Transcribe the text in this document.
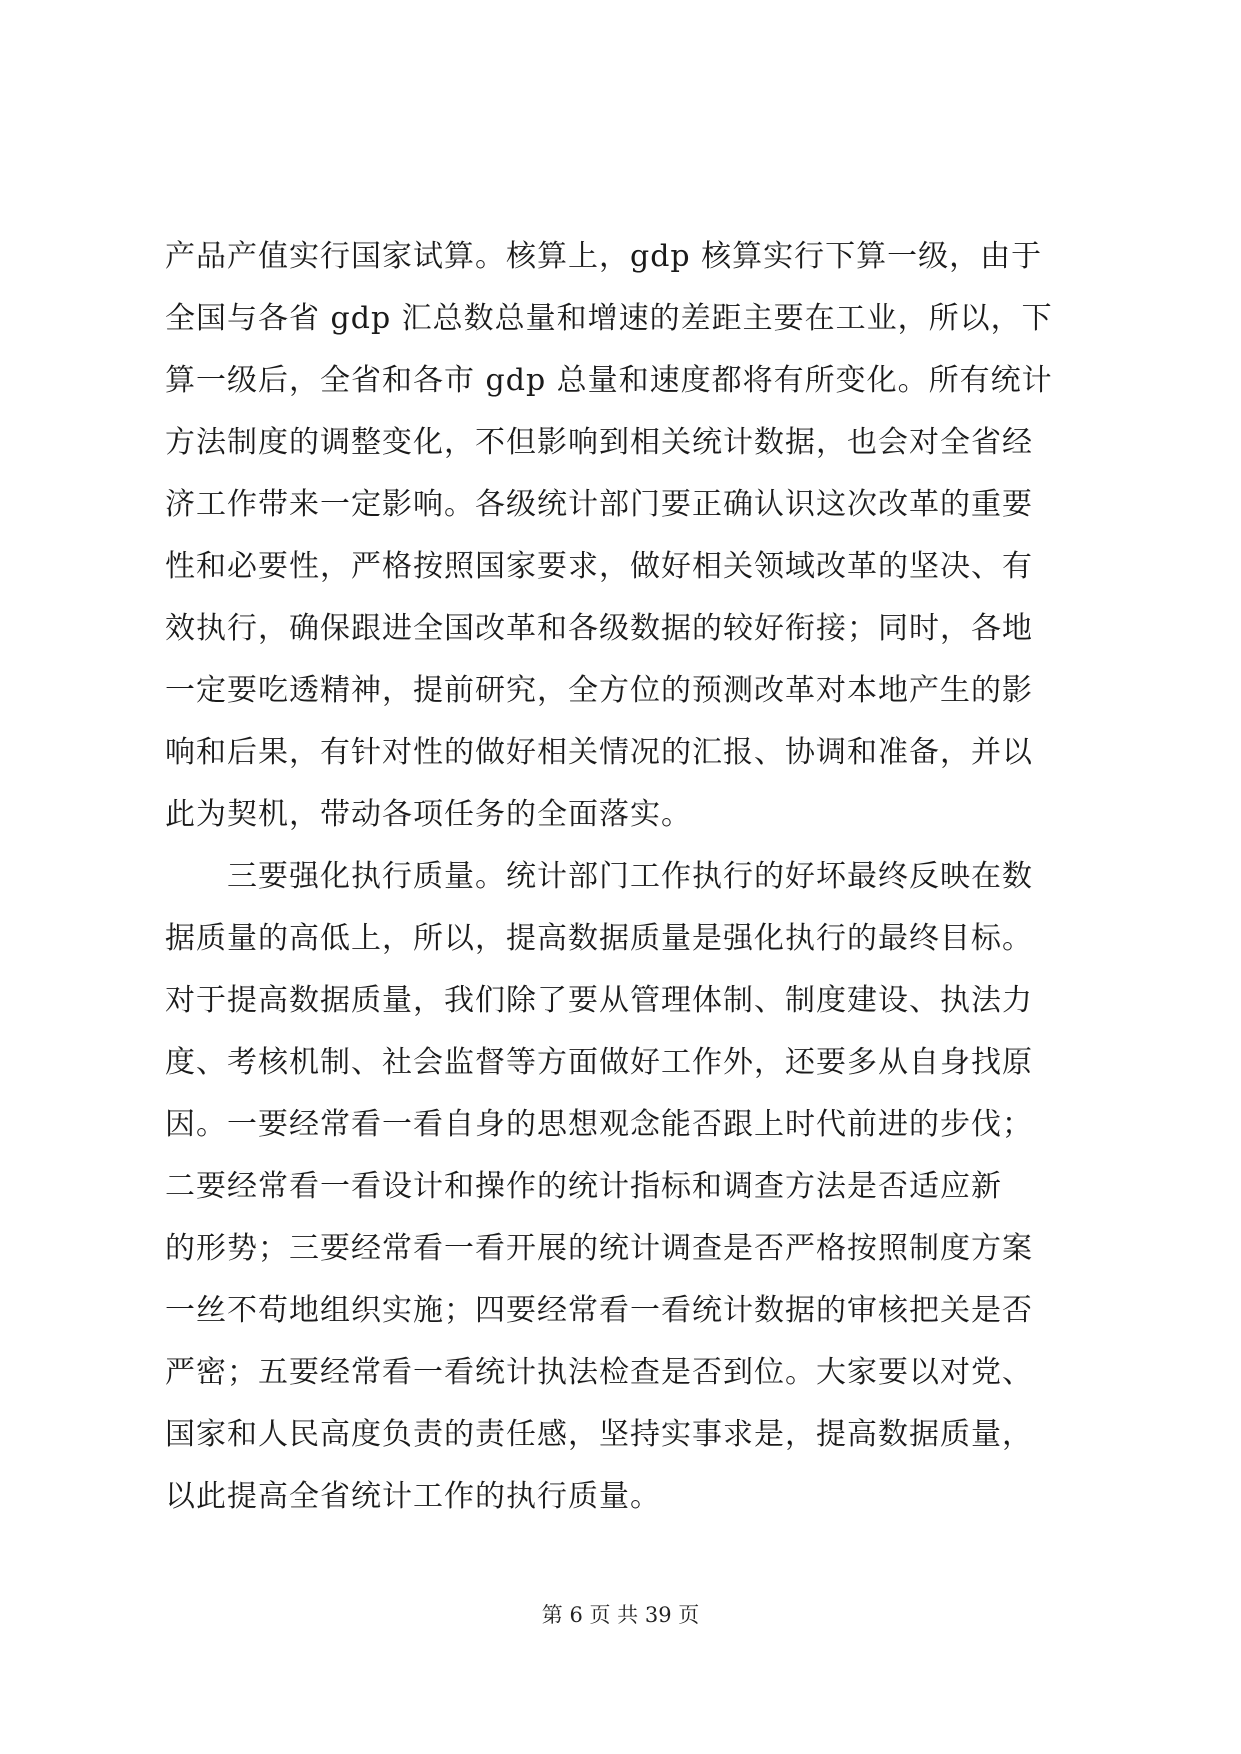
产品产值实行国家试算。核算上，gdp 核算实行下算一级，由于
全国与各省 gdp 汇总数总量和增速的差距主要在工业，所以，下
算一级后，全省和各市 gdp 总量和速度都将有所变化。所有统计
方法制度的调整变化，不但影响到相关统计数据，也会对全省经
济工作带来一定影响。各级统计部门要正确认识这次改革的重要
性和必要性，严格按照国家要求，做好相关领域改革的坚决、有
效执行，确保跟进全国改革和各级数据的较好衔接；同时，各地
一定要吃透精神，提前研究，全方位的预测改革对本地产生的影
响和后果，有针对性的做好相关情况的汇报、协调和准备，并以
此为契机，带动各项任务的全面落实。
三要强化执行质量。统计部门工作执行的好坏最终反映在数
据质量的高低上，所以，提高数据质量是强化执行的最终目标。
对于提高数据质量，我们除了要从管理体制、制度建设、执法力
度、考核机制、社会监督等方面做好工作外，还要多从自身找原
因。一要经常看一看自身的思想观念能否跟上时代前进的步伐；
二要经常看一看设计和操作的统计指标和调查方法是否适应新
的形势；三要经常看一看开展的统计调查是否严格按照制度方案
一丝不苟地组织实施；四要经常看一看统计数据的审核把关是否
严密；五要经常看一看统计执法检查是否到位。大家要以对党、
国家和人民高度负责的责任感，坚持实事求是，提高数据质量，
以此提高全省统计工作的执行质量。
第 6 页 共 39 页
